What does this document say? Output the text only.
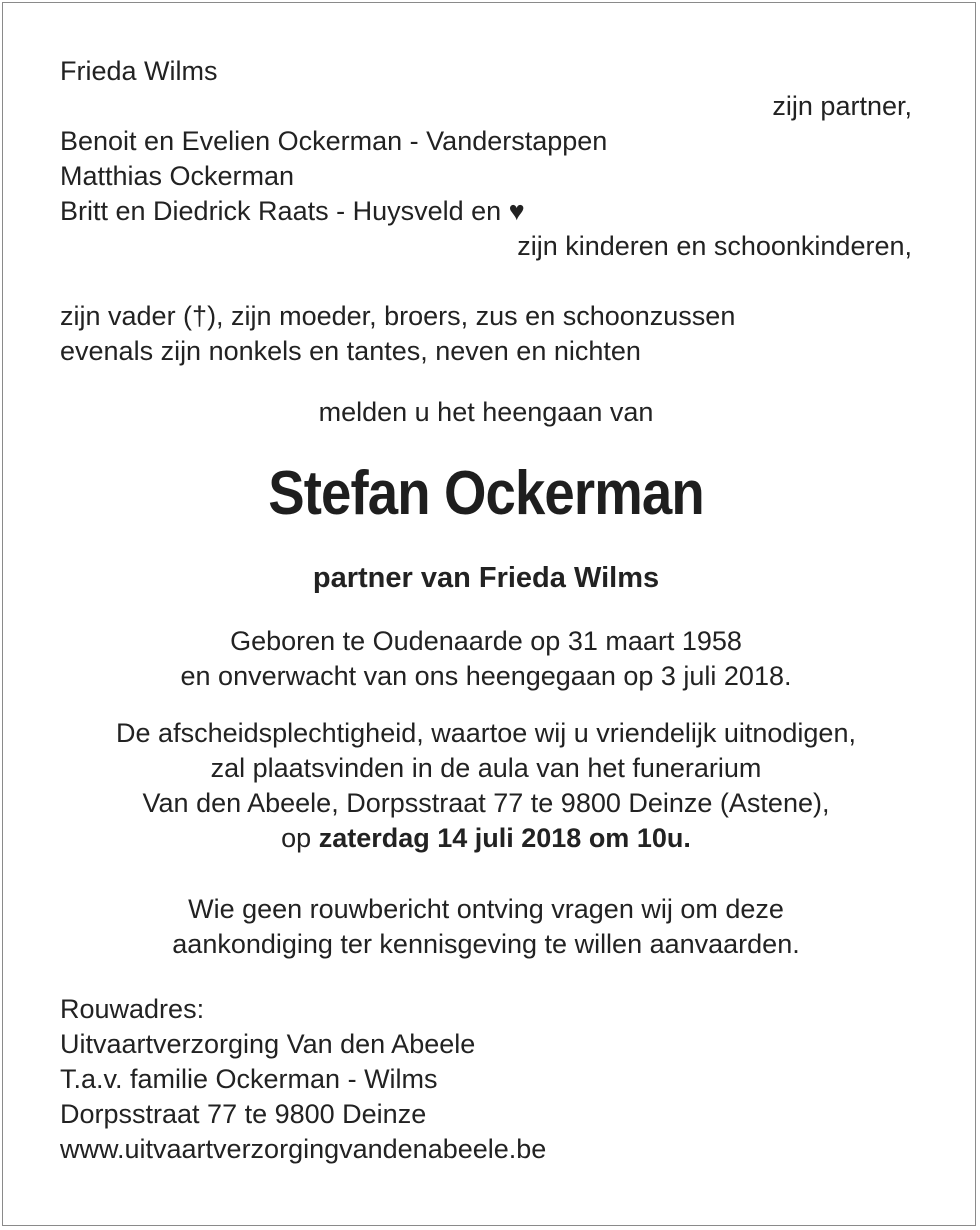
Frieda Wilms
zijn partner,
Benoit en Evelien Ockerman - Vanderstappen
Matthias Ockerman
Britt en Diedrick Raats - Huysveld en ♥
zijn kinderen en schoonkinderen,
zijn vader (†), zijn moeder, broers, zus en schoonzussen
evenals zijn nonkels en tantes, neven en nichten
melden u het heengaan van
Stefan Ockerman
partner van Frieda Wilms
Geboren te Oudenaarde op 31 maart 1958
en onverwacht van ons heengegaan op 3 juli 2018.
De afscheidsplechtigheid, waartoe wij u vriendelijk uitnodigen,
zal plaatsvinden in de aula van het funerarium
Van den Abeele, Dorpsstraat 77 te 9800 Deinze (Astene),
op zaterdag 14 juli 2018 om 10u.
Wie geen rouwbericht ontving vragen wij om deze
aankondiging ter kennisgeving te willen aanvaarden.
Rouwadres:
Uitvaartverzorging Van den Abeele
T.a.v. familie Ockerman - Wilms
Dorpsstraat 77 te 9800 Deinze
www.uitvaartverzorgingvandenabeele.be
